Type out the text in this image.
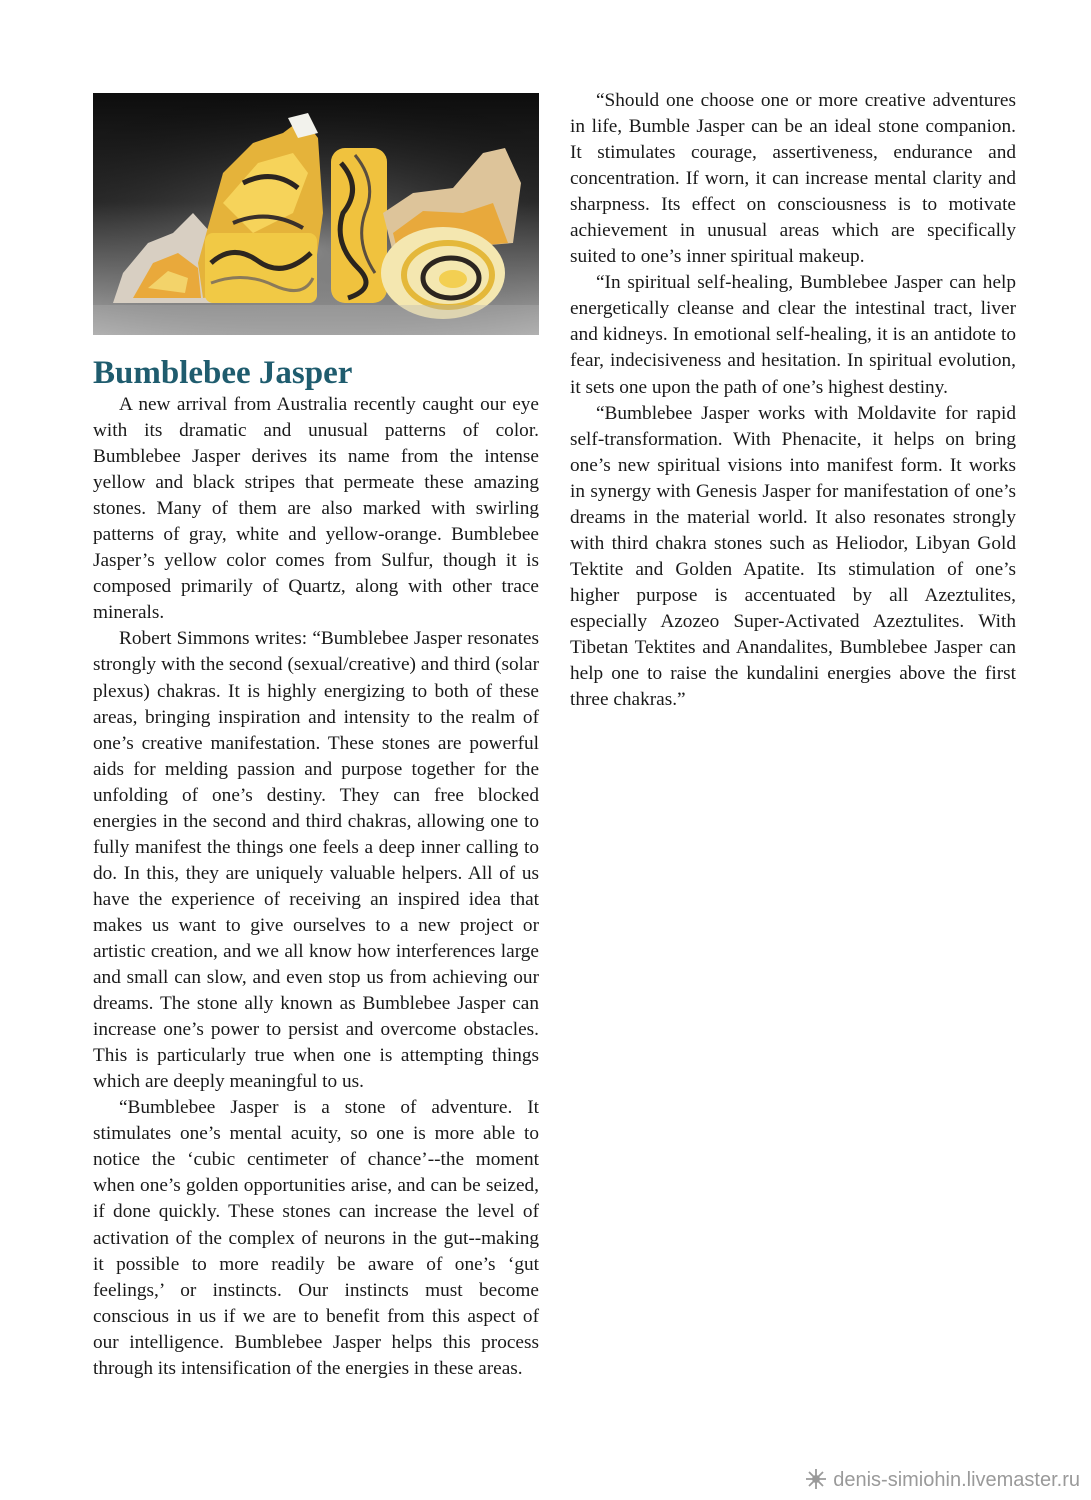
Bumblebee Jasper

A new arrival from Australia recently caught our eye with its dramatic and unusual patterns of color. Bumblebee Jasper derives its name from the intense yellow and black stripes that permeate these amazing stones. Many of them are also marked with swirling patterns of gray, white and yellow-orange. Bumblebee Jasper’s yellow color comes from Sulfur, though it is composed primarily of Quartz, along with other trace minerals.

Robert Simmons writes: “Bumblebee Jasper resonates strongly with the second (sexual/creative) and third (solar plexus) chakras. It is highly energizing to both of these areas, bringing inspiration and intensity to the realm of one’s creative manifestation. These stones are powerful aids for melding passion and purpose together for the unfolding of one’s destiny. They can free blocked energies in the second and third chakras, allowing one to fully manifest the things one feels a deep inner calling to do. In this, they are uniquely valuable helpers. All of us have the experience of receiving an inspired idea that makes us want to give ourselves to a new project or artistic creation, and we all know how interferences large and small can slow, and even stop us from achieving our dreams. The stone ally known as Bumblebee Jasper can increase one’s power to persist and overcome obstacles. This is particularly true when one is attempting things which are deeply meaningful to us.

“Bumblebee Jasper is a stone of adventure. It stimulates one’s mental acuity, so one is more able to notice the ‘cubic centimeter of chance’--the moment when one’s golden opportunities arise, and can be seized, if done quickly. These stones can increase the level of activation of the complex of neurons in the gut--making it possible to more readily be aware of one’s ‘gut feelings,’ or instincts. Our instincts must become conscious in us if we are to benefit from this aspect of our intelligence. Bumblebee Jasper helps this process through its intensification of the energies in these areas.

“Should one choose one or more creative adventures in life, Bumble Jasper can be an ideal stone companion. It stimulates courage, assertiveness, endurance and concentration. If worn, it can increase mental clarity and sharpness. Its effect on consciousness is to motivate achievement in unusual areas which are specifically suited to one’s inner spiritual makeup.

“In spiritual self-healing, Bumblebee Jasper can help energetically cleanse and clear the intestinal tract, liver and kidneys. In emotional self-healing, it is an antidote to fear, indecisiveness and hesitation. In spiritual evolution, it sets one upon the path of one’s highest destiny.

“Bumblebee Jasper works with Moldavite for rapid self-transformation. With Phenacite, it helps on bring one’s new spiritual visions into manifest form. It works in synergy with Genesis Jasper for manifestation of one’s dreams in the material world. It also resonates strongly with third chakra stones such as Heliodor, Libyan Gold Tektite and Golden Apatite. Its stimulation of one’s higher purpose is accentuated by all Azeztulites, especially Azozeo Super-Activated Azeztulites. With Tibetan Tektites and Anandalites, Bumblebee Jasper can help one to raise the kundalini energies above the first three chakras.”

denis-simiohin.livemaster.ru
